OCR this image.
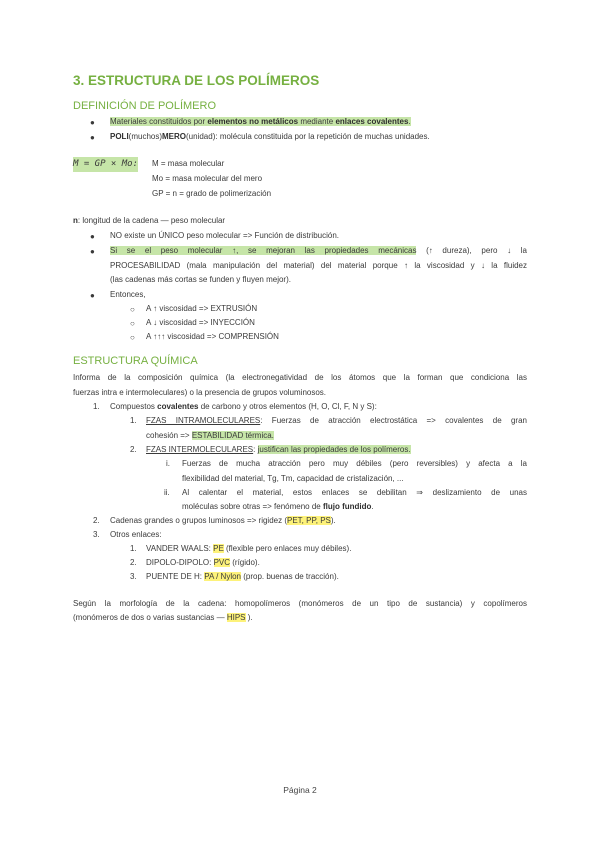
3. ESTRUCTURA DE LOS POLÍMEROS
DEFINICIÓN DE POLÍMERO
● Materiales constituidos por elementos no metálicos mediante enlaces covalentes.
● POLI(muchos)MERO(unidad): molécula constituida por la repetición de muchas unidades.
M = GP × Mo: M = masa molecular
Mo = masa molecular del mero
GP = n = grado de polimerización
n: longitud de la cadena — peso molecular
● NO existe un ÚNICO peso molecular => Función de distribución.
● Si se el peso molecular ↑, se mejoran las propiedades mecánicas (↑ dureza), pero ↓ la
PROCESABILIDAD (mala manipulación del material) del material porque ↑ la viscosidad y ↓ la fluidez
(las cadenas más cortas se funden y fluyen mejor).
● Entonces,
○ A ↑ viscosidad => EXTRUSIÓN
○ A ↓ viscosidad => INYECCIÓN
○ A ↑↑↑ viscosidad => COMPRENSIÓN
ESTRUCTURA QUÍMICA
Informa de la composición química (la electronegatividad de los átomos que la forman que condiciona las
fuerzas intra e intermoleculares) o la presencia de grupos voluminosos.
1. Compuestos covalentes de carbono y otros elementos (H, O, Cl, F, N y S):
1. FZAS INTRAMOLECULARES: Fuerzas de atracción electrostática => covalentes de gran
cohesión => ESTABILIDAD térmica.
2. FZAS INTERMOLECULARES: justifican las propiedades de los polímeros.
i. Fuerzas de mucha atracción pero muy débiles (pero reversibles) y afecta a la
flexibilidad del material, Tg, Tm, capacidad de cristalización, ...
ii. Al calentar el material, estos enlaces se debilitan ⇒ deslizamiento de unas
moléculas sobre otras => fenómeno de flujo fundido.
2. Cadenas grandes o grupos luminosos => rigidez (PET, PP, PS).
3. Otros enlaces:
1. VANDER WAALS: PE (flexible pero enlaces muy débiles).
2. DIPOLO-DIPOLO: PVC (rígido).
3. PUENTE DE H: PA / Nylon (prop. buenas de tracción).
Según la morfología de la cadena: homopolímeros (monómeros de un tipo de sustancia) y copolímeros
(monómeros de dos o varias sustancias — HIPS ).
Página 2
